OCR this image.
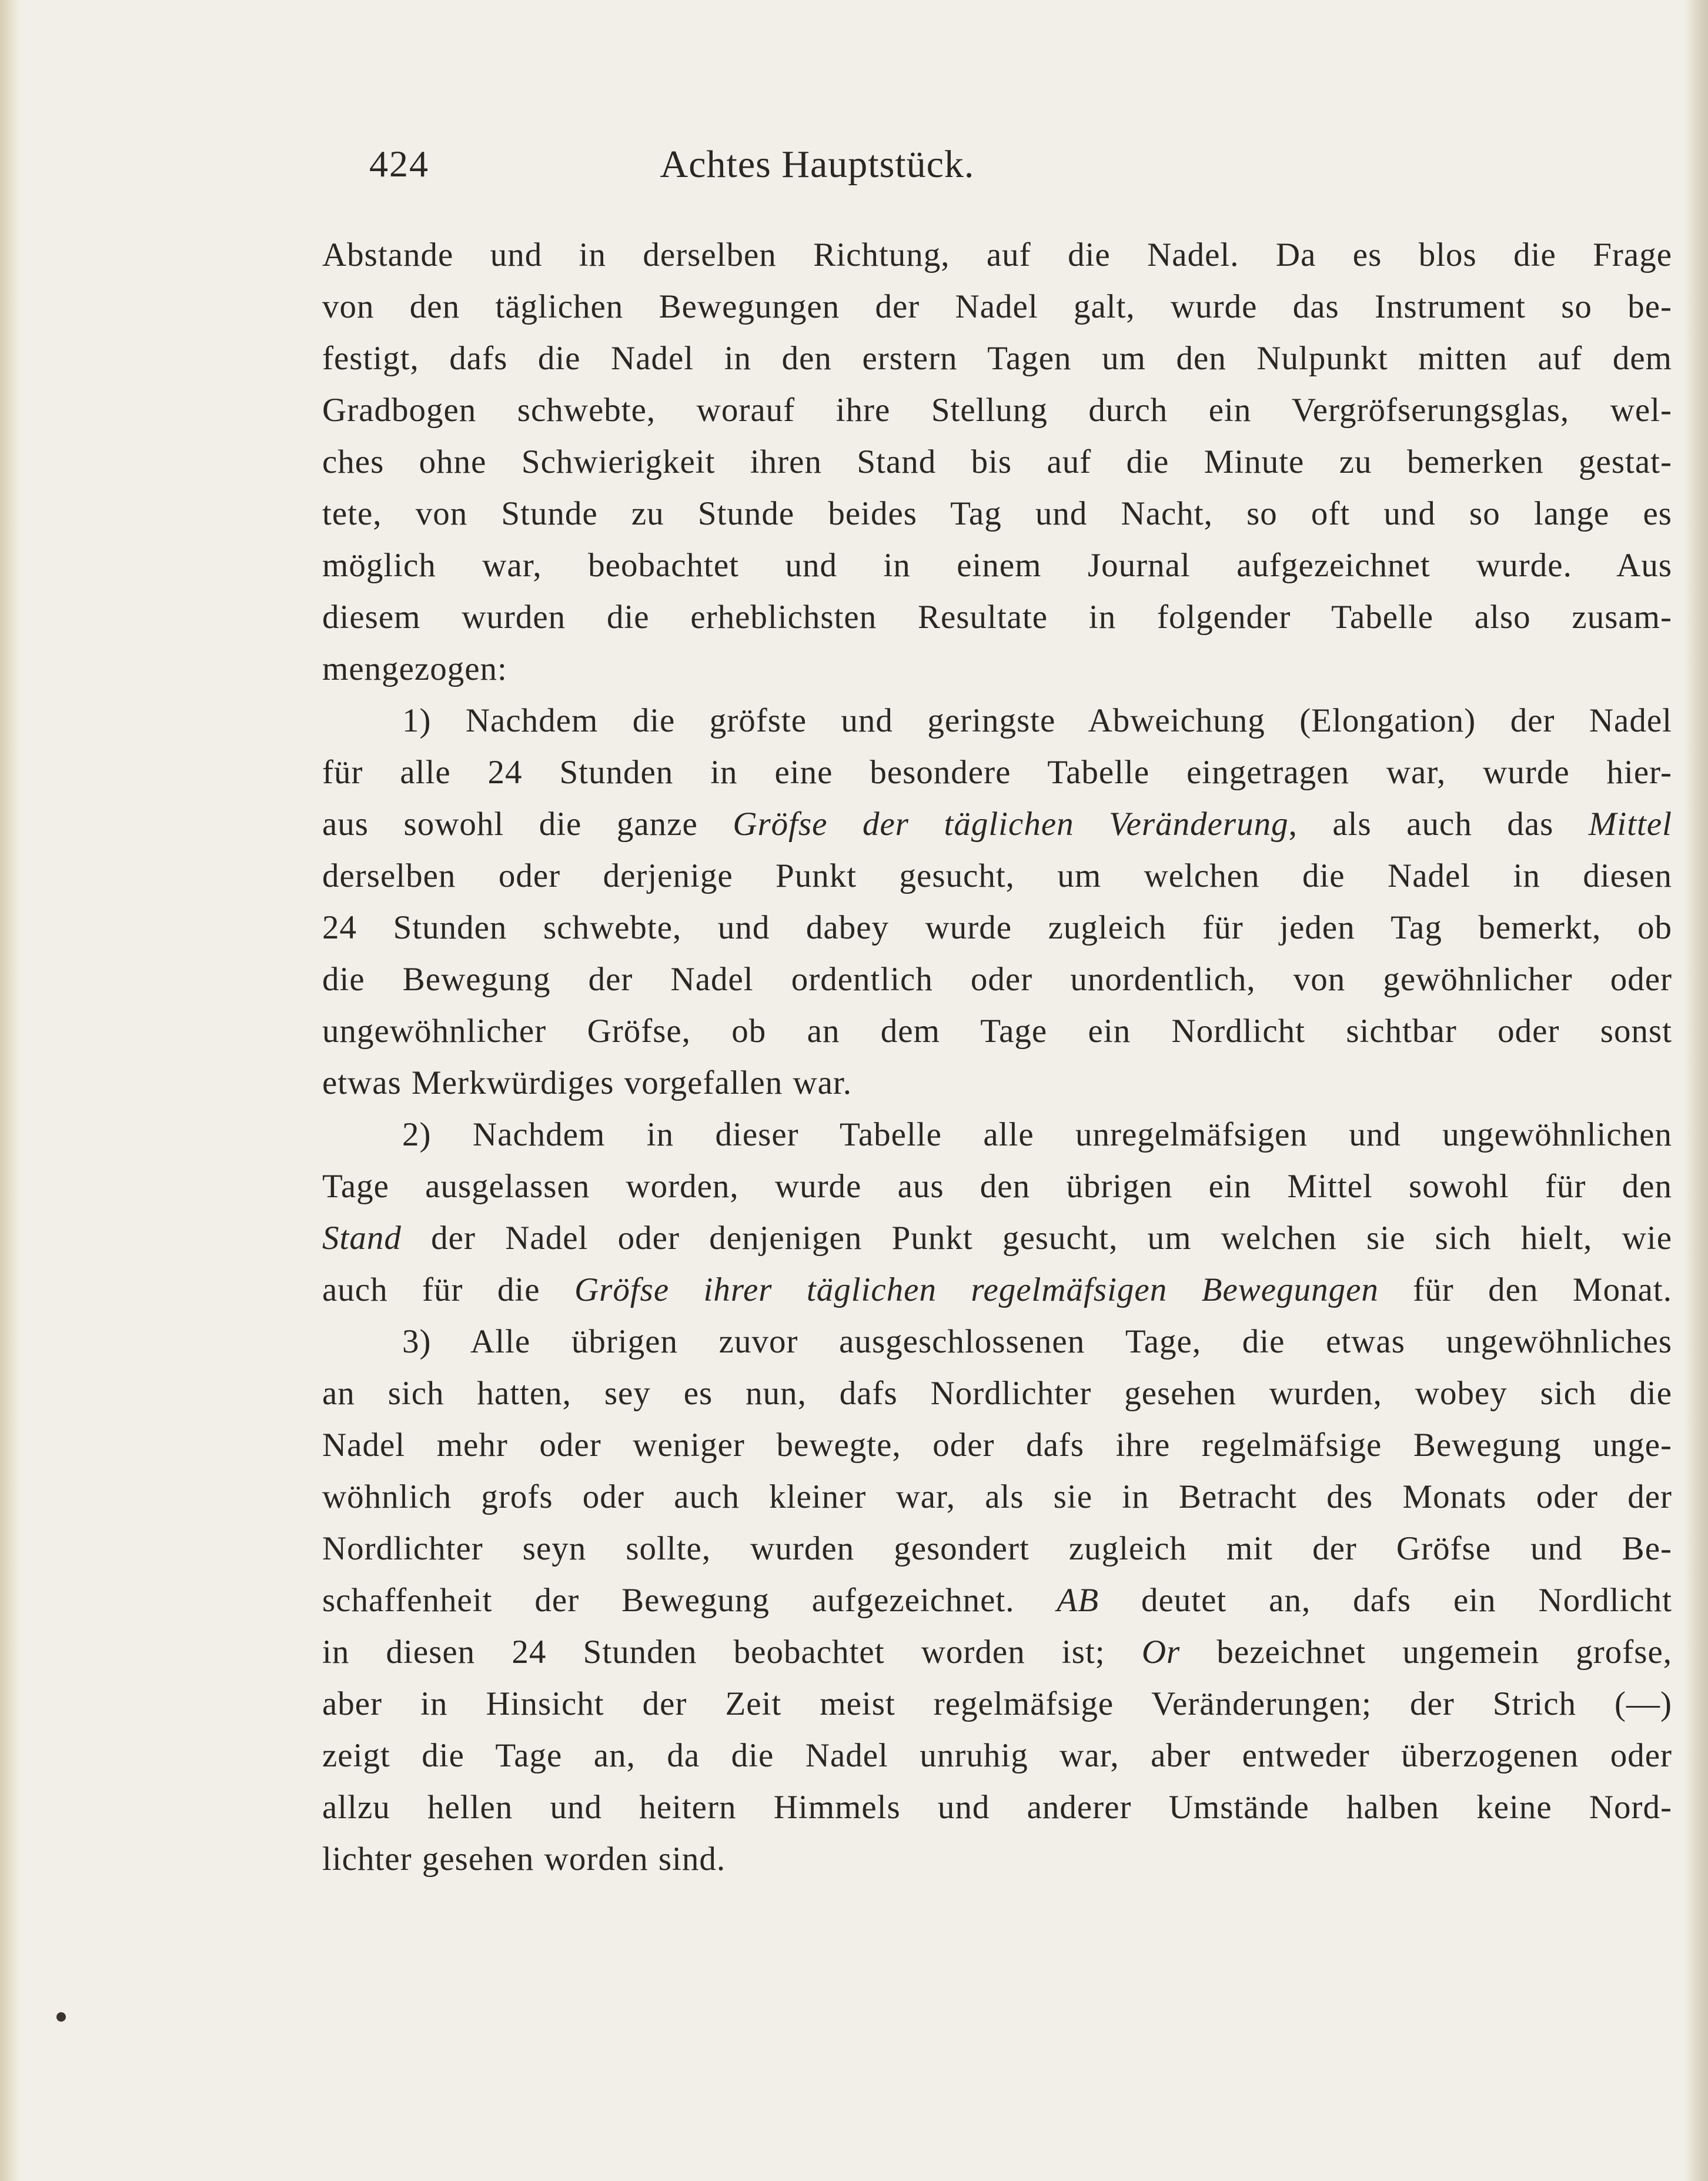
424	Achtes Hauptstück.
Abstande und in derselben Richtung, auf die Nadel. Da es blos die Frage
von den täglichen Bewegungen der Nadel galt, wurde das Instrument so be-
festigt, dafs die Nadel in den erstern Tagen um den Nulpunkt mitten auf dem
Gradbogen schwebte, worauf ihre Stellung durch ein Vergröfserungsglas, wel-
ches ohne Schwierigkeit ihren Stand bis auf die Minute zu bemerken gestat-
tete, von Stunde zu Stunde beides Tag und Nacht, so oft und so lange es
möglich war, beobachtet und in einem Journal aufgezeichnet wurde. Aus
diesem wurden die erheblichsten Resultate in folgender Tabelle also zusam-
mengezogen:
1) Nachdem die gröfste und geringste Abweichung (Elongation) der Nadel
für alle 24 Stunden in eine besondere Tabelle eingetragen war, wurde hier-
aus sowohl die ganze Gröfse der täglichen Veränderung, als auch das Mittel
derselben oder derjenige Punkt gesucht, um welchen die Nadel in diesen
24 Stunden schwebte, und dabey wurde zugleich für jeden Tag bemerkt, ob
die Bewegung der Nadel ordentlich oder unordentlich, von gewöhnlicher oder
ungewöhnlicher Gröfse, ob an dem Tage ein Nordlicht sichtbar oder sonst
etwas Merkwürdiges vorgefallen war.
2) Nachdem in dieser Tabelle alle unregelmäfsigen und ungewöhnlichen
Tage ausgelassen worden, wurde aus den übrigen ein Mittel sowohl für den
Stand der Nadel oder denjenigen Punkt gesucht, um welchen sie sich hielt, wie
auch für die Gröfse ihrer täglichen regelmäfsigen Bewegungen für den Monat.
3) Alle übrigen zuvor ausgeschlossenen Tage, die etwas ungewöhnliches
an sich hatten, sey es nun, dafs Nordlichter gesehen wurden, wobey sich die
Nadel mehr oder weniger bewegte, oder dafs ihre regelmäfsige Bewegung unge-
wöhnlich grofs oder auch kleiner war, als sie in Betracht des Monats oder der
Nordlichter seyn sollte, wurden gesondert zugleich mit der Gröfse und Be-
schaffenheit der Bewegung aufgezeichnet. AB deutet an, dafs ein Nordlicht
in diesen 24 Stunden beobachtet worden ist; Or bezeichnet ungemein grofse,
aber in Hinsicht der Zeit meist regelmäfsige Veränderungen; der Strich (—)
zeigt die Tage an, da die Nadel unruhig war, aber entweder überzogenen oder
allzu hellen und heitern Himmels und anderer Umstände halben keine Nord-
lichter gesehen worden sind.
